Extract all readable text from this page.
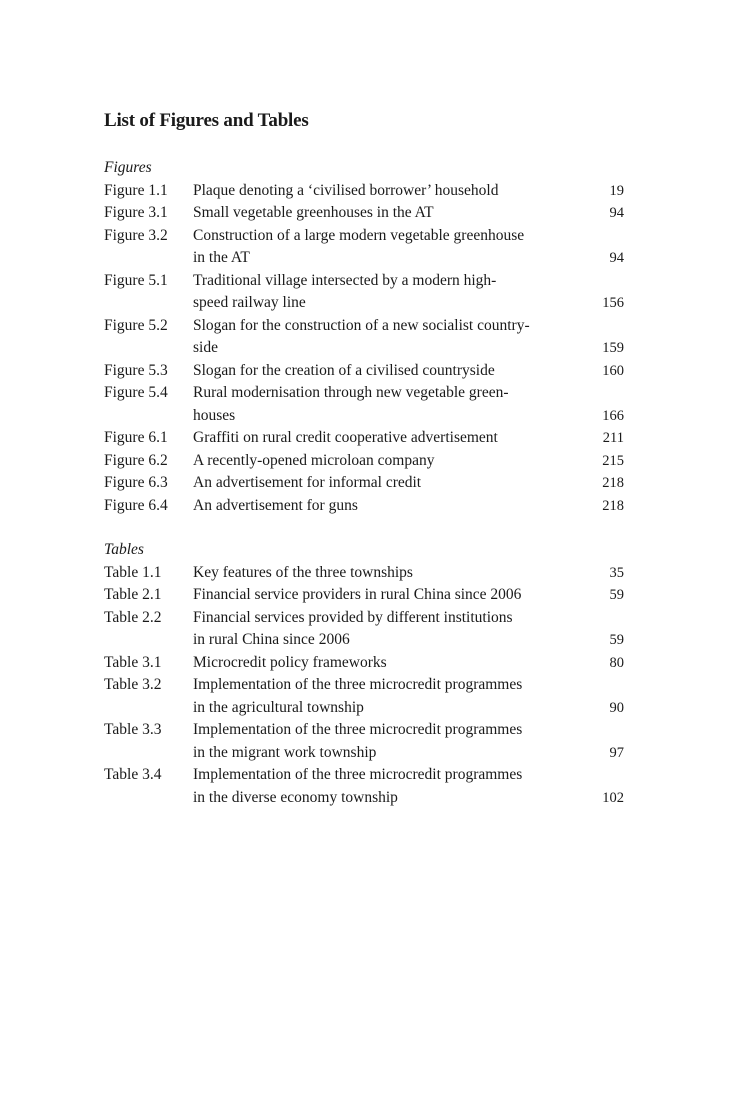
List of Figures and Tables
Figures
Figure 1.1	Plaque denoting a ‘civilised borrower’ household	19
Figure 3.1	Small vegetable greenhouses in the AT	94
Figure 3.2	Construction of a large modern vegetable greenhouse
in the AT	94
Figure 5.1	Traditional village intersected by a modern high-
speed railway line	156
Figure 5.2	Slogan for the construction of a new socialist country-
side	159
Figure 5.3	Slogan for the creation of a civilised countryside	160
Figure 5.4	Rural modernisation through new vegetable green-
houses	166
Figure 6.1	Graffiti on rural credit cooperative advertisement	211
Figure 6.2	A recently-opened microloan company	215
Figure 6.3	An advertisement for informal credit	218
Figure 6.4	An advertisement for guns	218
Tables
Table 1.1	Key features of the three townships	35
Table 2.1	Financial service providers in rural China since 2006	59
Table 2.2	Financial services provided by different institutions
in rural China since 2006	59
Table 3.1	Microcredit policy frameworks	80
Table 3.2	Implementation of the three microcredit programmes
in the agricultural township	90
Table 3.3	Implementation of the three microcredit programmes
in the migrant work township	97
Table 3.4	Implementation of the three microcredit programmes
in the diverse economy township	102
